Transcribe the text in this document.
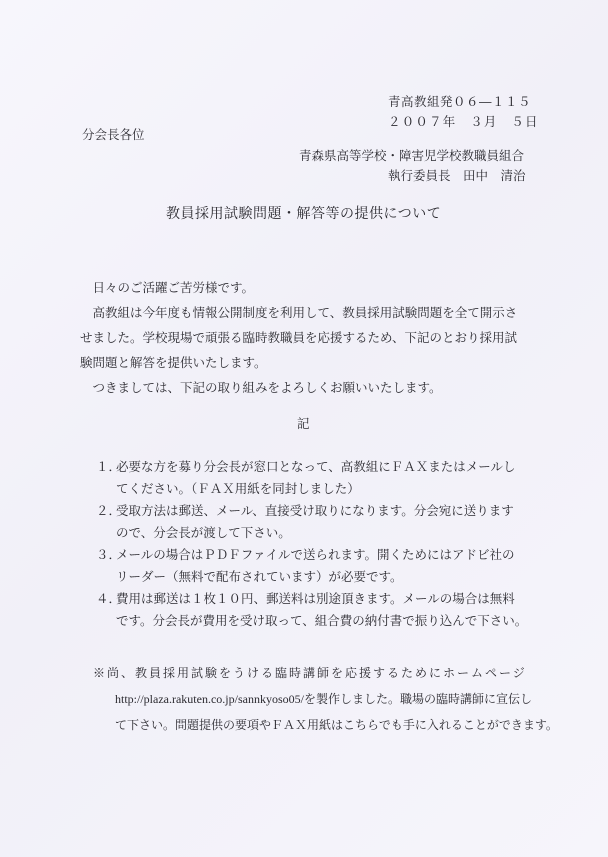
青高教組発０６―１１５
２００７年　３月　５日
分会長各位
青森県高等学校・障害児学校教職員組合
執行委員長　田中　清治
教員採用試験問題・解答等の提供について

日々のご活躍ご苦労様です。

高教組は今年度も情報公開制度を利用して、教員採用試験問題を全て開示さ

せました。学校現場で頑張る臨時教職員を応援するため、下記のとおり採用試

験問題と解答を提供いたします。

つきましては、下記の取り組みをよろしくお願いいたします。

記
１．
必要な方を募り分会長が窓口となって、高教組にＦＡＸまたはメールし
てください。（ＦＡＸ用紙を同封しました）
２．
受取方法は郵送、メール、直接受け取りになります。分会宛に送ります
ので、分会長が渡して下さい。
３．
メールの場合はＰＤＦファイルで送られます。開くためにはアドビ社の
リーダー（無料で配布されています）が必要です。
４．
費用は郵送は１枚１０円、郵送料は別途頂きます。メールの場合は無料
です。分会長が費用を受け取って、組合費の納付書で振り込んで下さい。
※尚、教員採用試験をうける臨時講師を応援するためにホームページ
http://plaza.rakuten.co.jp/sannkyoso05/を製作しました。職場の臨時講師に宣伝し
て下さい。問題提供の要項やＦＡＸ用紙はこちらでも手に入れることができます。
